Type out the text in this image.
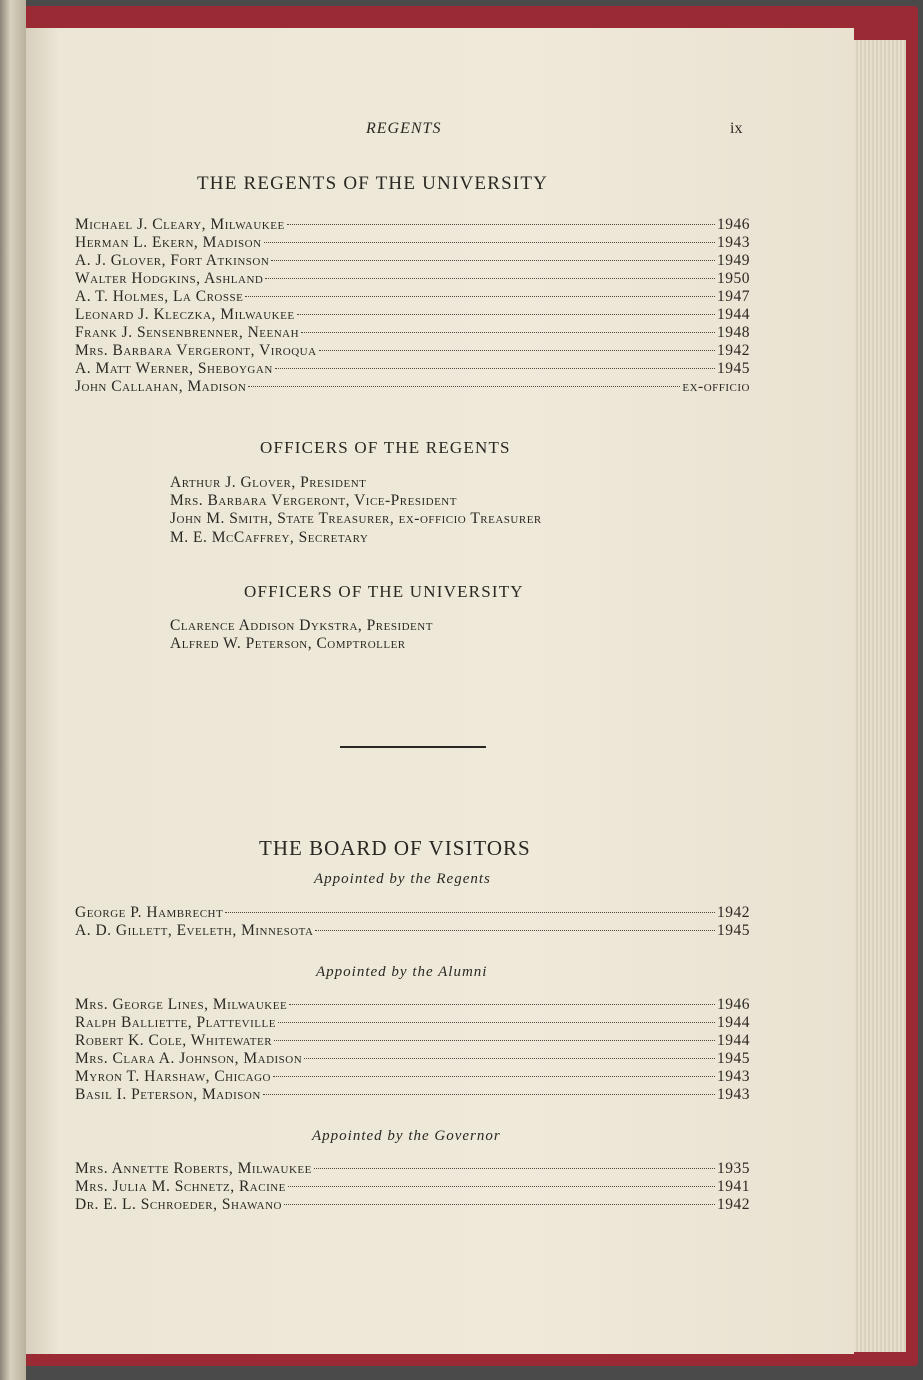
REGENTS	ix
THE REGENTS OF THE UNIVERSITY
Michael J. Cleary, Milwaukee	1946
Herman L. Ekern, Madison	1943
A. J. Glover, Fort Atkinson	1949
Walter Hodgkins, Ashland	1950
A. T. Holmes, La Crosse	1947
Leonard J. Kleczka, Milwaukee	1944
Frank J. Sensenbrenner, Neenah	1948
Mrs. Barbara Vergeront, Viroqua	1942
A. Matt Werner, Sheboygan	1945
John Callahan, Madison	ex-officio
OFFICERS OF THE REGENTS
Arthur J. Glover, President
Mrs. Barbara Vergeront, Vice-President
John M. Smith, State Treasurer, ex-officio Treasurer
M. E. McCaffrey, Secretary
OFFICERS OF THE UNIVERSITY
Clarence Addison Dykstra, President
Alfred W. Peterson, Comptroller
THE BOARD OF VISITORS
Appointed by the Regents
George P. Hambrecht	1942
A. D. Gillett, Eveleth, Minnesota	1945
Appointed by the Alumni
Mrs. George Lines, Milwaukee	1946
Ralph Balliette, Platteville	1944
Robert K. Cole, Whitewater	1944
Mrs. Clara A. Johnson, Madison	1945
Myron T. Harshaw, Chicago	1943
Basil I. Peterson, Madison	1943
Appointed by the Governor
Mrs. Annette Roberts, Milwaukee	1935
Mrs. Julia M. Schnetz, Racine	1941
Dr. E. L. Schroeder, Shawano	1942
